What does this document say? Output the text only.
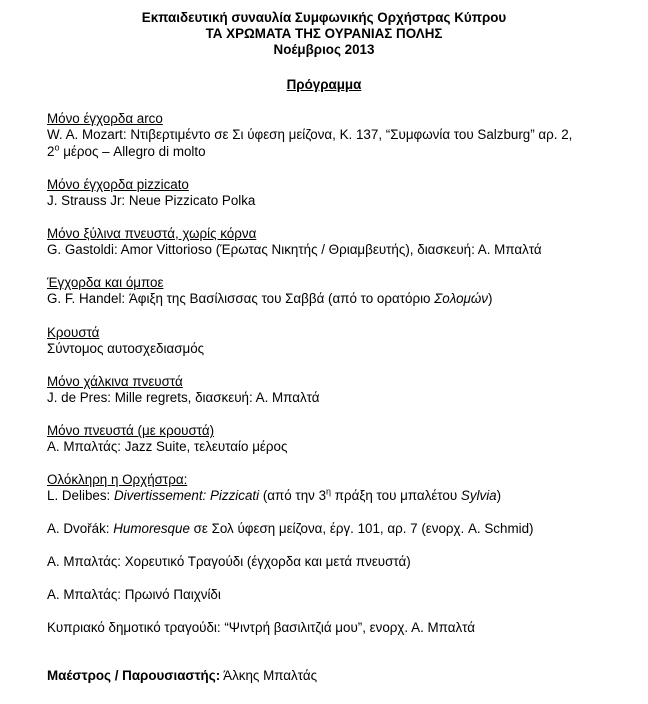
Εκπαιδευτική συναυλία Συμφωνικής Ορχήστρας Κύπρου
ΤΑ ΧΡΩΜΑΤΑ ΤΗΣ ΟΥΡΑΝΙΑΣ ΠΟΛΗΣ
Νοέμβριος 2013
Πρόγραμμα
Μόνο έγχορδα arco
W. A. Mozart: Ντιβερτιμέντο σε Σι ύφεση μείζονα, Κ. 137, “Συμφωνία του Salzburg” αρ. 2,
$2^o$ μέρος – Allegro di molto
Μόνο έγχορδα pizzicato
J. Strauss Jr: Neue Pizzicato Polka
Μόνο ξύλινα πνευστά, χωρίς κόρνα
G. Gastoldi: Amor Vittorioso (Έρωτας Νικητής / Θριαμβευτής), διασκευή: Α. Μπαλτά
Έγχορδα και όμποε
G. F. Handel: Άφιξη της Βασίλισσας του Σαββά (από το ορατόριο Σολομών)
Κρουστά
Σύντομος αυτοσχεδιασμός
Μόνο χάλκινα πνευστά
J. de Pres: Mille regrets, διασκευή: Α. Μπαλτά
Μόνο πνευστά (με κρουστά)
Α. Μπαλτάς: Jazz Suite, τελευταίο μέρος
Ολόκληρη η Ορχήστρα:
L. Delibes: Divertissement: Pizzicati (από την $3^\eta$ πράξη του μπαλέτου Sylvia)
A. Dvořák: Humoresque σε Σολ ύφεση μείζονα, έργ. 101, αρ. 7 (ενορχ. A. Schmid)
Α. Μπαλτάς: Χορευτικό Τραγούδι (έγχορδα και μετά πνευστά)
Α. Μπαλτάς: Πρωινό Παιχνίδι
Κυπριακό δημοτικό τραγούδι: “Ψιντρή βασιλιτζιά μου”, ενορχ. Α. Μπαλτά
Μαέστρος / Παρουσιαστής: Άλκης Μπαλτάς
